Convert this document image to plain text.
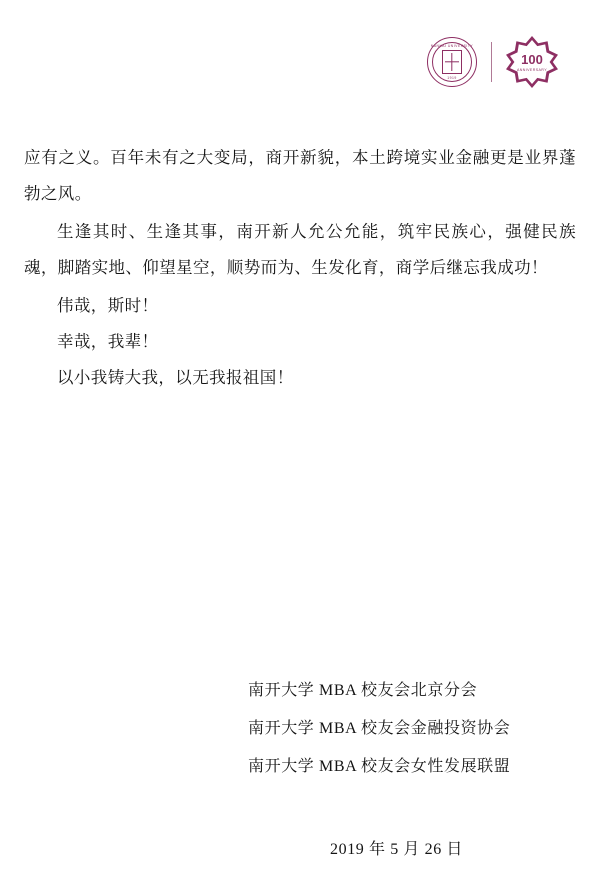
NANKAI UNIVERSITY
1919
100
ANNIVERSARY

应有之义。百年未有之大变局，商开新貌，本土跨境实业金融更是业界蓬勃之风。

生逢其时、生逢其事，南开新人允公允能，筑牢民族心，强健民族魂，脚踏实地、仰望星空，顺势而为、生发化育，商学后继忘我成功！

伟哉，斯时！

幸哉，我辈！

以小我铸大我，以无我报祖国！

南开大学 MBA 校友会北京分会
南开大学 MBA 校友会金融投资协会
南开大学 MBA 校友会女性发展联盟
2019 年 5 月 26 日
